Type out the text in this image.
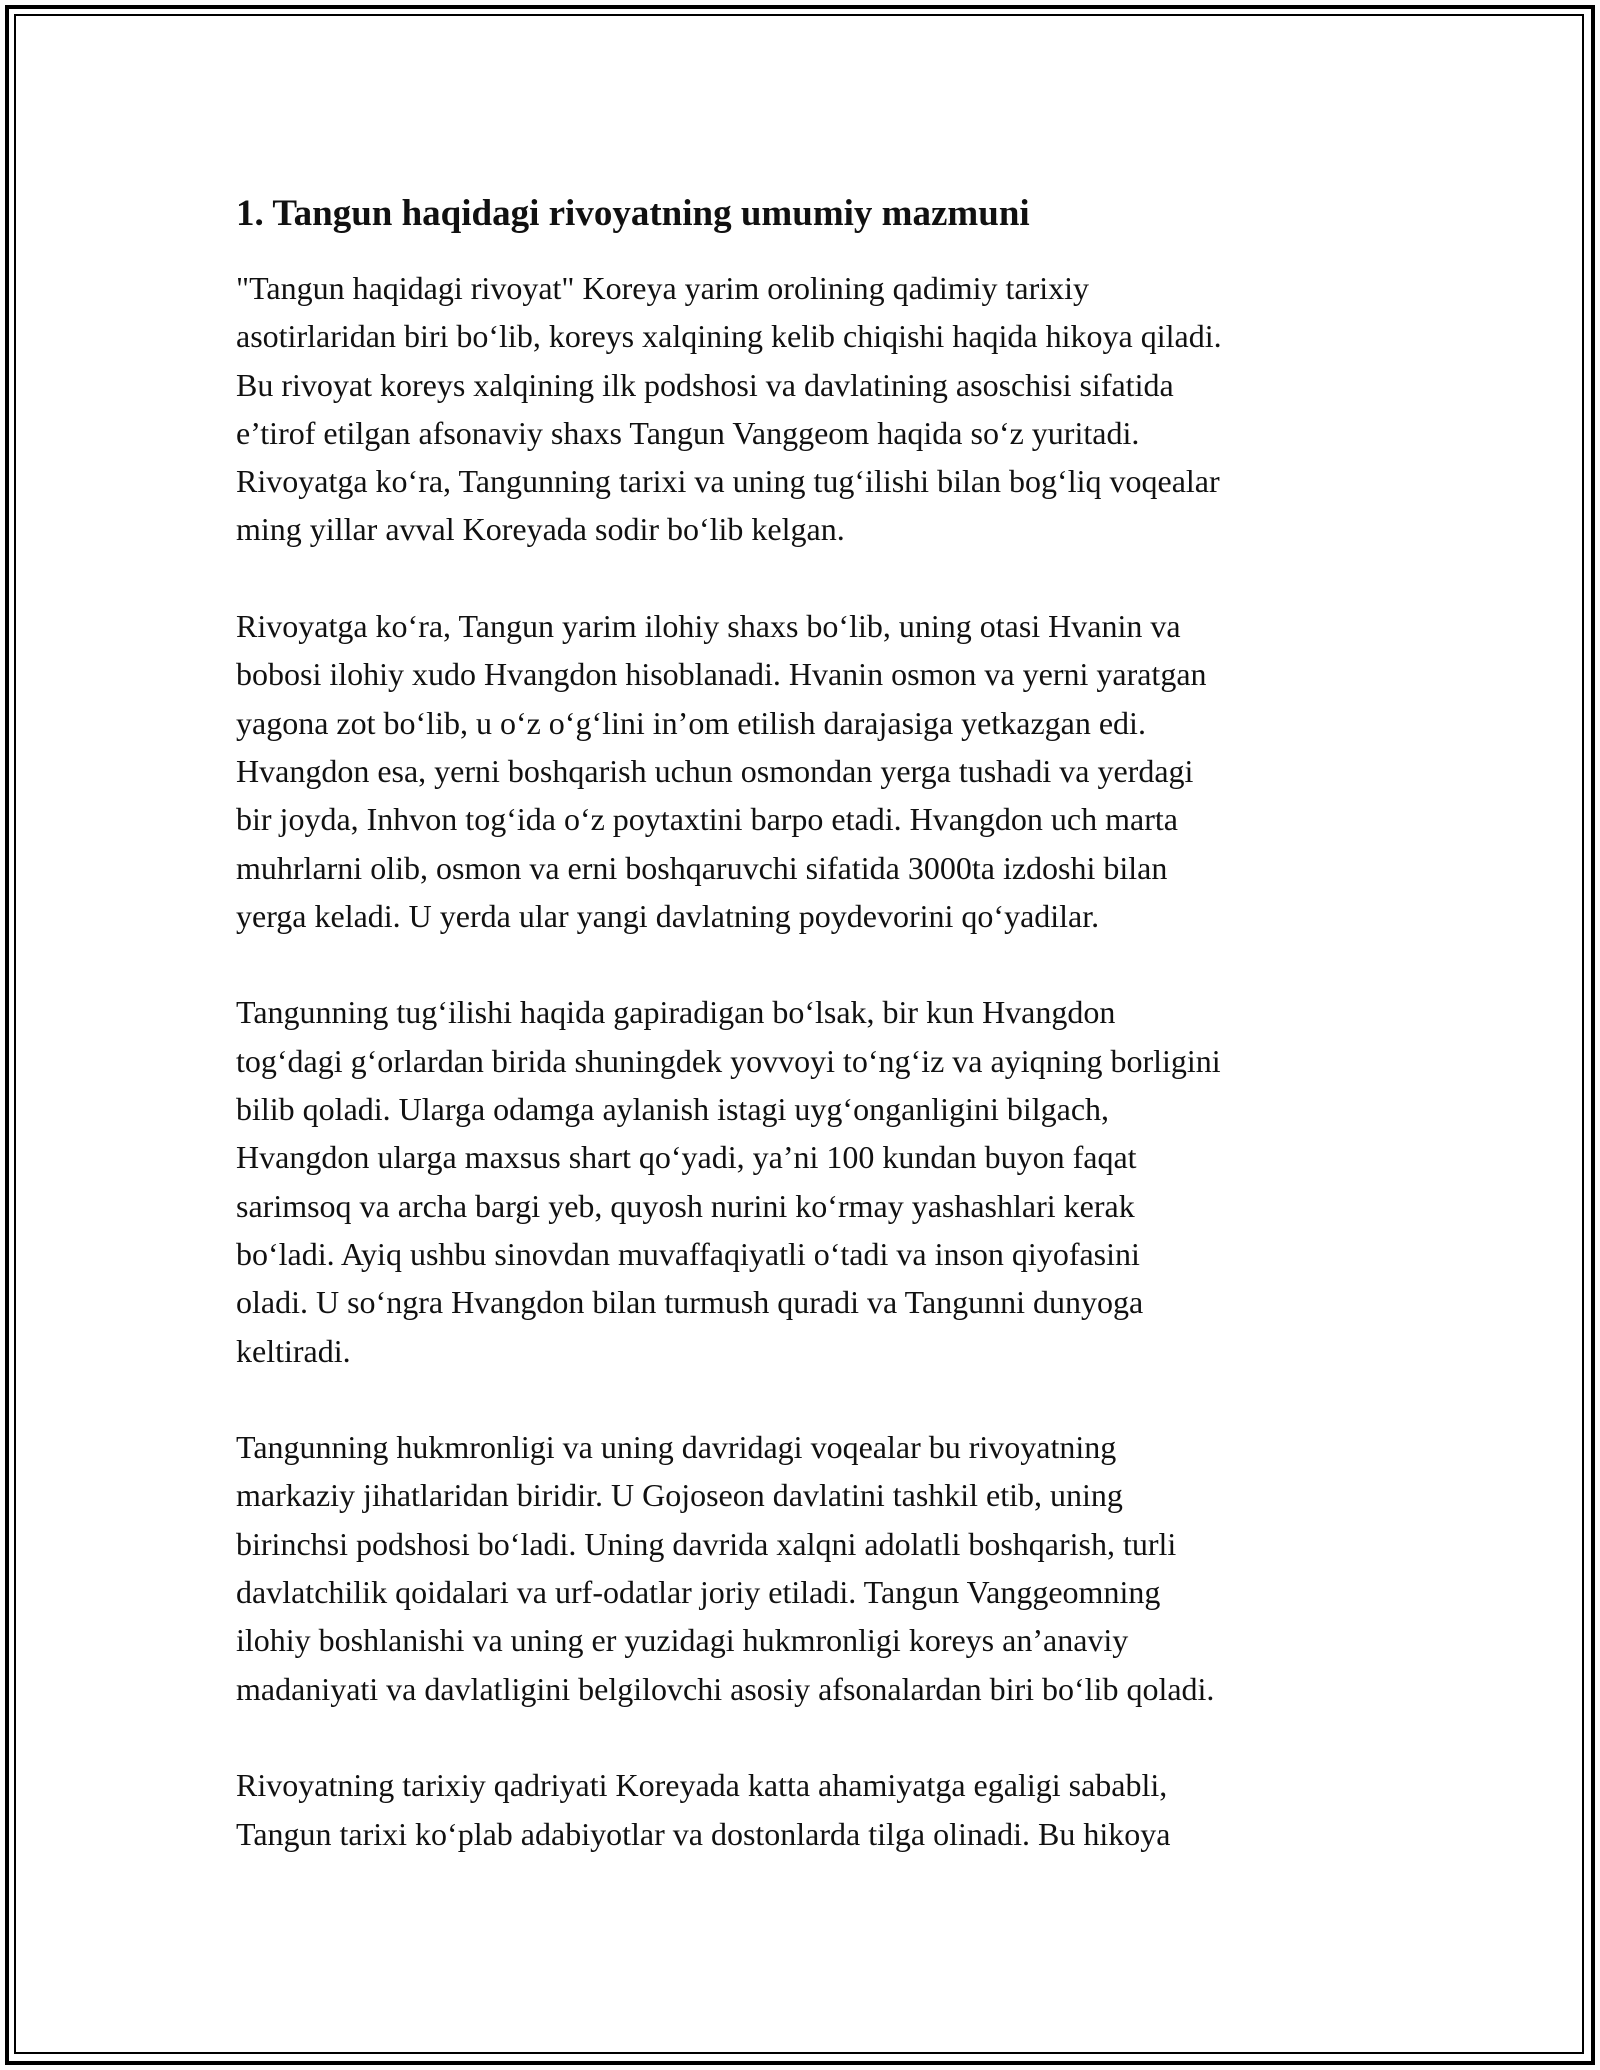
1. Tangun haqidagi rivoyatning umumiy mazmuni
"Tangun haqidagi rivoyat" Koreya yarim orolining qadimiy tarixiy
asotirlaridan biri bo‘lib, koreys xalqining kelib chiqishi haqida hikoya qiladi.
Bu rivoyat koreys xalqining ilk podshosi va davlatining asoschisi sifatida
e’tirof etilgan afsonaviy shaxs Tangun Vanggeom haqida so‘z yuritadi.
Rivoyatga ko‘ra, Tangunning tarixi va uning tug‘ilishi bilan bog‘liq voqealar
ming yillar avval Koreyada sodir bo‘lib kelgan.
Rivoyatga ko‘ra, Tangun yarim ilohiy shaxs bo‘lib, uning otasi Hvanin va
bobosi ilohiy xudo Hvangdon hisoblanadi. Hvanin osmon va yerni yaratgan
yagona zot bo‘lib, u o‘z o‘g‘lini in’om etilish darajasiga yetkazgan edi.
Hvangdon esa, yerni boshqarish uchun osmondan yerga tushadi va yerdagi
bir joyda, Inhvon tog‘ida o‘z poytaxtini barpo etadi. Hvangdon uch marta
muhrlarni olib, osmon va erni boshqaruvchi sifatida 3000ta izdoshi bilan
yerga keladi. U yerda ular yangi davlatning poydevorini qo‘yadilar.
Tangunning tug‘ilishi haqida gapiradigan bo‘lsak, bir kun Hvangdon
tog‘dagi g‘orlardan birida shuningdek yovvoyi to‘ng‘iz va ayiqning borligini
bilib qoladi. Ularga odamga aylanish istagi uyg‘onganligini bilgach,
Hvangdon ularga maxsus shart qo‘yadi, ya’ni 100 kundan buyon faqat
sarimsoq va archa bargi yeb, quyosh nurini ko‘rmay yashashlari kerak
bo‘ladi. Ayiq ushbu sinovdan muvaffaqiyatli o‘tadi va inson qiyofasini
oladi. U so‘ngra Hvangdon bilan turmush quradi va Tangunni dunyoga
keltiradi.
Tangunning hukmronligi va uning davridagi voqealar bu rivoyatning
markaziy jihatlaridan biridir. U Gojoseon davlatini tashkil etib, uning
birinchsi podshosi bo‘ladi. Uning davrida xalqni adolatli boshqarish, turli
davlatchilik qoidalari va urf-odatlar joriy etiladi. Tangun Vanggeomning
ilohiy boshlanishi va uning er yuzidagi hukmronligi koreys an’anaviy
madaniyati va davlatligini belgilovchi asosiy afsonalardan biri bo‘lib qoladi.
Rivoyatning tarixiy qadriyati Koreyada katta ahamiyatga egaligi sababli,
Tangun tarixi ko‘plab adabiyotlar va dostonlarda tilga olinadi. Bu hikoya
